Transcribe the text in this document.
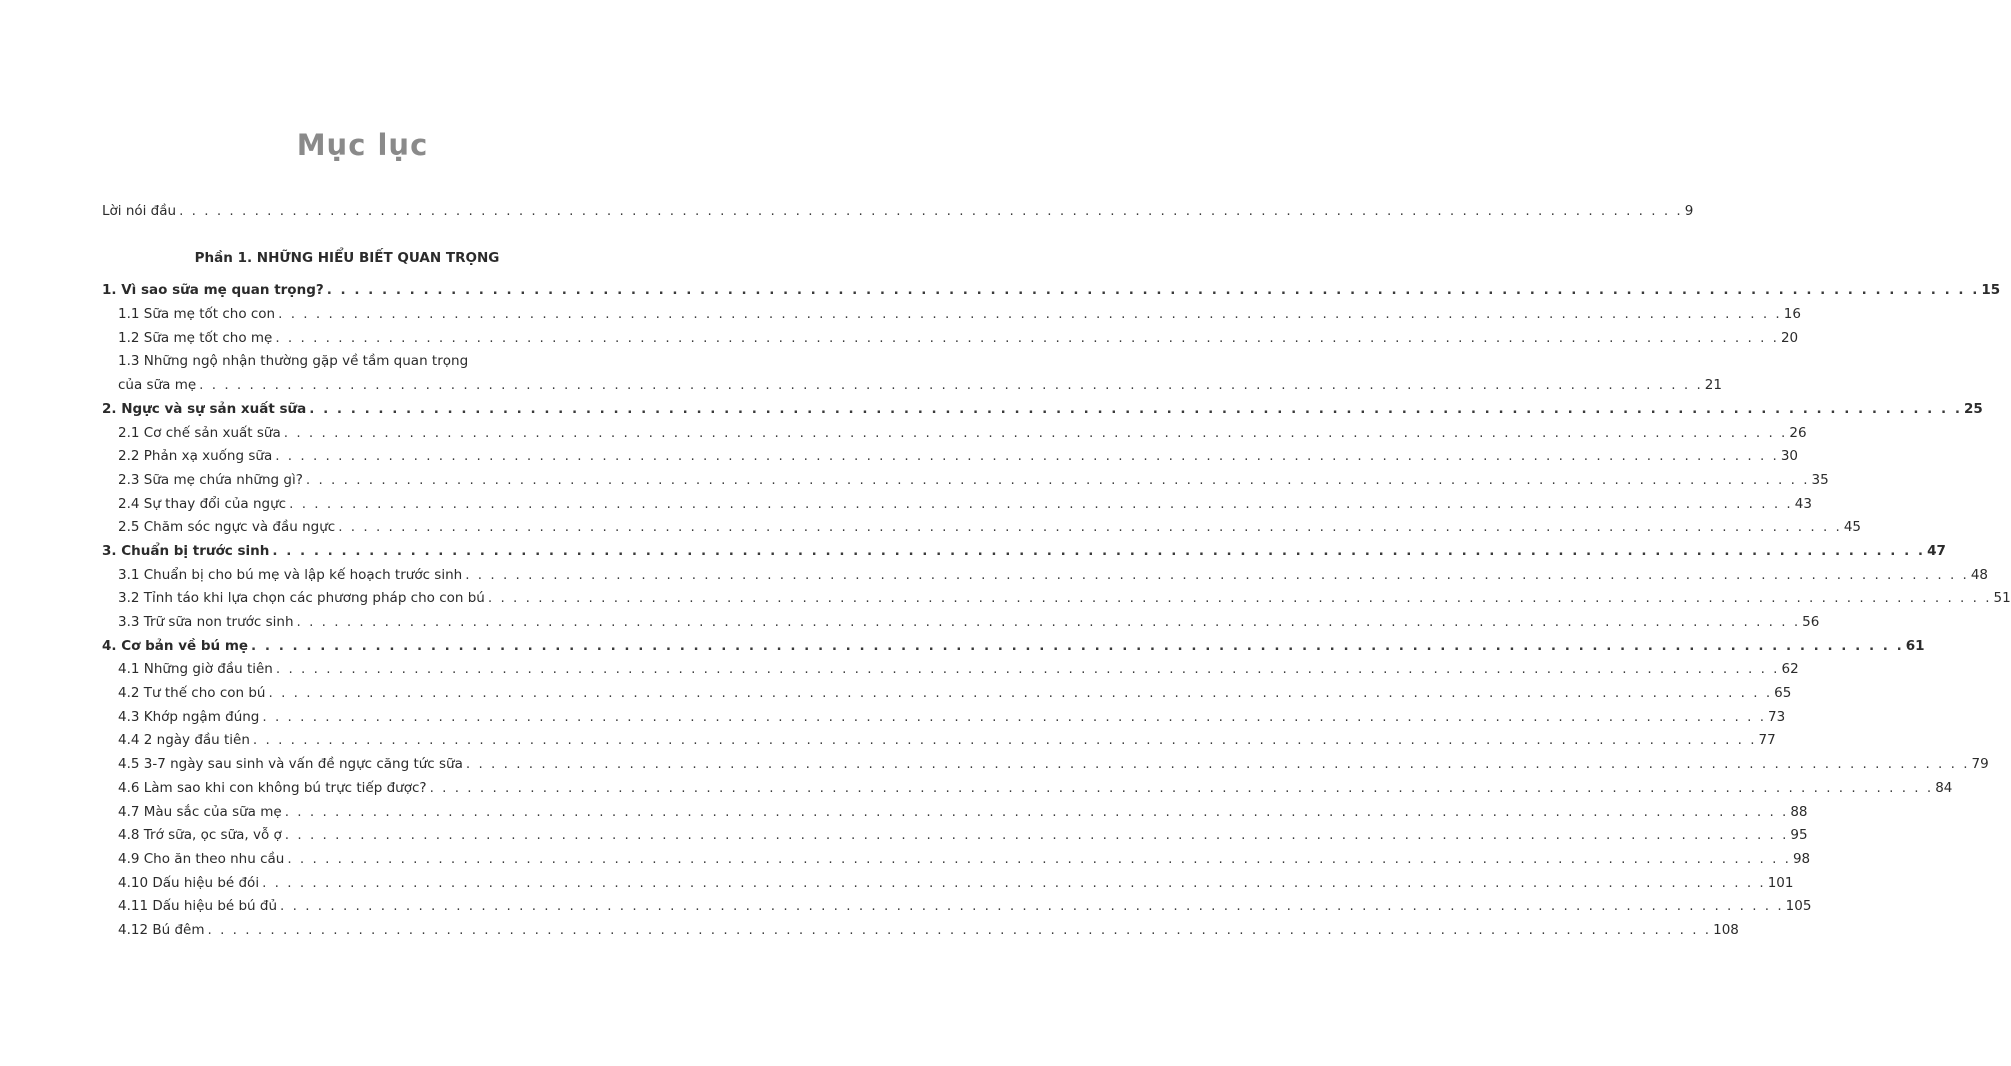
Mục lục
Lời nói đầu . . . . . . . . . . . . . . . . . . . . . . . . . . . . . . . . . . . . . . . . . . . . . . . . . . . . . . . . . . . . . . . . . . . . . . . . . . . . . . . . . . . . . . . . . . . . . . . . . . . . . . . . . . . . . . . . . . . . . . . . 9
Phần 1. NHỮNG HIỂU BIẾT QUAN TRỌNG
1. Vì sao sữa mẹ quan trọng? . . . . . . . . . . . . . . . . . . . . . . . . . . . . . . . . . . . . . . . . . . . . . . . . . . . . . . . . . . . . . . . . . . . . . . . . . . . . . . . . . . . . . . . . . . . . . . . . . . . . . . . . . . . . . . . . . . . . . . . . 15
1.1 Sữa mẹ tốt cho con . . . . . . . . . . . . . . . . . . . . . . . . . . . . . . . . . . . . . . . . . . . . . . . . . . . . . . . . . . . . . . . . . . . . . . . . . . . . . . . . . . . . . . . . . . . . . . . . . . . . . . . . . . . . . . . . . . . . . . . . 16
1.2 Sữa mẹ tốt cho mẹ . . . . . . . . . . . . . . . . . . . . . . . . . . . . . . . . . . . . . . . . . . . . . . . . . . . . . . . . . . . . . . . . . . . . . . . . . . . . . . . . . . . . . . . . . . . . . . . . . . . . . . . . . . . . . . . . . . . . . . . . 20
1.3 Những ngộ nhận thường gặp về tầm quan trọng
của sữa mẹ . . . . . . . . . . . . . . . . . . . . . . . . . . . . . . . . . . . . . . . . . . . . . . . . . . . . . . . . . . . . . . . . . . . . . . . . . . . . . . . . . . . . . . . . . . . . . . . . . . . . . . . . . . . . . . . . . . . . . . . . 21
2. Ngực và sự sản xuất sữa . . . . . . . . . . . . . . . . . . . . . . . . . . . . . . . . . . . . . . . . . . . . . . . . . . . . . . . . . . . . . . . . . . . . . . . . . . . . . . . . . . . . . . . . . . . . . . . . . . . . . . . . . . . . . . . . . . . . . . . . 25
2.1 Cơ chế sản xuất sữa . . . . . . . . . . . . . . . . . . . . . . . . . . . . . . . . . . . . . . . . . . . . . . . . . . . . . . . . . . . . . . . . . . . . . . . . . . . . . . . . . . . . . . . . . . . . . . . . . . . . . . . . . . . . . . . . . . . . . . . . 26
2.2 Phản xạ xuống sữa . . . . . . . . . . . . . . . . . . . . . . . . . . . . . . . . . . . . . . . . . . . . . . . . . . . . . . . . . . . . . . . . . . . . . . . . . . . . . . . . . . . . . . . . . . . . . . . . . . . . . . . . . . . . . . . . . . . . . . . . 30
2.3 Sữa mẹ chứa những gì? . . . . . . . . . . . . . . . . . . . . . . . . . . . . . . . . . . . . . . . . . . . . . . . . . . . . . . . . . . . . . . . . . . . . . . . . . . . . . . . . . . . . . . . . . . . . . . . . . . . . . . . . . . . . . . . . . . . . . . . . 35
2.4 Sự thay đổi của ngực . . . . . . . . . . . . . . . . . . . . . . . . . . . . . . . . . . . . . . . . . . . . . . . . . . . . . . . . . . . . . . . . . . . . . . . . . . . . . . . . . . . . . . . . . . . . . . . . . . . . . . . . . . . . . . . . . . . . . . . . 43
2.5 Chăm sóc ngực và đầu ngực . . . . . . . . . . . . . . . . . . . . . . . . . . . . . . . . . . . . . . . . . . . . . . . . . . . . . . . . . . . . . . . . . . . . . . . . . . . . . . . . . . . . . . . . . . . . . . . . . . . . . . . . . . . . . . . . . . . . . . . . 45
3. Chuẩn bị trước sinh . . . . . . . . . . . . . . . . . . . . . . . . . . . . . . . . . . . . . . . . . . . . . . . . . . . . . . . . . . . . . . . . . . . . . . . . . . . . . . . . . . . . . . . . . . . . . . . . . . . . . . . . . . . . . . . . . . . . . . . . 47
3.1 Chuẩn bị cho bú mẹ và lập kế hoạch trước sinh . . . . . . . . . . . . . . . . . . . . . . . . . . . . . . . . . . . . . . . . . . . . . . . . . . . . . . . . . . . . . . . . . . . . . . . . . . . . . . . . . . . . . . . . . . . . . . . . . . . . . . . . . . . . . . . . . . . . . . . . 48
3.2 Tỉnh táo khi lựa chọn các phương pháp cho con bú . . . . . . . . . . . . . . . . . . . . . . . . . . . . . . . . . . . . . . . . . . . . . . . . . . . . . . . . . . . . . . . . . . . . . . . . . . . . . . . . . . . . . . . . . . . . . . . . . . . . . . . . . . . . . . . . . . . . . . . . 51
3.3 Trữ sữa non trước sinh . . . . . . . . . . . . . . . . . . . . . . . . . . . . . . . . . . . . . . . . . . . . . . . . . . . . . . . . . . . . . . . . . . . . . . . . . . . . . . . . . . . . . . . . . . . . . . . . . . . . . . . . . . . . . . . . . . . . . . . . 56
4. Cơ bản về bú mẹ . . . . . . . . . . . . . . . . . . . . . . . . . . . . . . . . . . . . . . . . . . . . . . . . . . . . . . . . . . . . . . . . . . . . . . . . . . . . . . . . . . . . . . . . . . . . . . . . . . . . . . . . . . . . . . . . . . . . . . . . 61
4.1 Những giờ đầu tiên . . . . . . . . . . . . . . . . . . . . . . . . . . . . . . . . . . . . . . . . . . . . . . . . . . . . . . . . . . . . . . . . . . . . . . . . . . . . . . . . . . . . . . . . . . . . . . . . . . . . . . . . . . . . . . . . . . . . . . . . 62
4.2 Tư thế cho con bú . . . . . . . . . . . . . . . . . . . . . . . . . . . . . . . . . . . . . . . . . . . . . . . . . . . . . . . . . . . . . . . . . . . . . . . . . . . . . . . . . . . . . . . . . . . . . . . . . . . . . . . . . . . . . . . . . . . . . . . . 65
4.3 Khớp ngậm đúng . . . . . . . . . . . . . . . . . . . . . . . . . . . . . . . . . . . . . . . . . . . . . . . . . . . . . . . . . . . . . . . . . . . . . . . . . . . . . . . . . . . . . . . . . . . . . . . . . . . . . . . . . . . . . . . . . . . . . . . . 73
4.4 2 ngày đầu tiên . . . . . . . . . . . . . . . . . . . . . . . . . . . . . . . . . . . . . . . . . . . . . . . . . . . . . . . . . . . . . . . . . . . . . . . . . . . . . . . . . . . . . . . . . . . . . . . . . . . . . . . . . . . . . . . . . . . . . . . . 77
4.5 3-7 ngày sau sinh và vấn đề ngực căng tức sữa . . . . . . . . . . . . . . . . . . . . . . . . . . . . . . . . . . . . . . . . . . . . . . . . . . . . . . . . . . . . . . . . . . . . . . . . . . . . . . . . . . . . . . . . . . . . . . . . . . . . . . . . . . . . . . . . . . . . . . . . 79
4.6 Làm sao khi con không bú trực tiếp được? . . . . . . . . . . . . . . . . . . . . . . . . . . . . . . . . . . . . . . . . . . . . . . . . . . . . . . . . . . . . . . . . . . . . . . . . . . . . . . . . . . . . . . . . . . . . . . . . . . . . . . . . . . . . . . . . . . . . . . . . 84
4.7 Màu sắc của sữa mẹ . . . . . . . . . . . . . . . . . . . . . . . . . . . . . . . . . . . . . . . . . . . . . . . . . . . . . . . . . . . . . . . . . . . . . . . . . . . . . . . . . . . . . . . . . . . . . . . . . . . . . . . . . . . . . . . . . . . . . . . . 88
4.8 Trớ sữa, ọc sữa, vỗ ợ . . . . . . . . . . . . . . . . . . . . . . . . . . . . . . . . . . . . . . . . . . . . . . . . . . . . . . . . . . . . . . . . . . . . . . . . . . . . . . . . . . . . . . . . . . . . . . . . . . . . . . . . . . . . . . . . . . . . . . . . 95
4.9 Cho ăn theo nhu cầu . . . . . . . . . . . . . . . . . . . . . . . . . . . . . . . . . . . . . . . . . . . . . . . . . . . . . . . . . . . . . . . . . . . . . . . . . . . . . . . . . . . . . . . . . . . . . . . . . . . . . . . . . . . . . . . . . . . . . . . . 98
4.10 Dấu hiệu bé đói . . . . . . . . . . . . . . . . . . . . . . . . . . . . . . . . . . . . . . . . . . . . . . . . . . . . . . . . . . . . . . . . . . . . . . . . . . . . . . . . . . . . . . . . . . . . . . . . . . . . . . . . . . . . . . . . . . . . . . . . 101
4.11 Dấu hiệu bé bú đủ . . . . . . . . . . . . . . . . . . . . . . . . . . . . . . . . . . . . . . . . . . . . . . . . . . . . . . . . . . . . . . . . . . . . . . . . . . . . . . . . . . . . . . . . . . . . . . . . . . . . . . . . . . . . . . . . . . . . . . . . 105
4.12 Bú đêm . . . . . . . . . . . . . . . . . . . . . . . . . . . . . . . . . . . . . . . . . . . . . . . . . . . . . . . . . . . . . . . . . . . . . . . . . . . . . . . . . . . . . . . . . . . . . . . . . . . . . . . . . . . . . . . . . . . . . . . . 108
